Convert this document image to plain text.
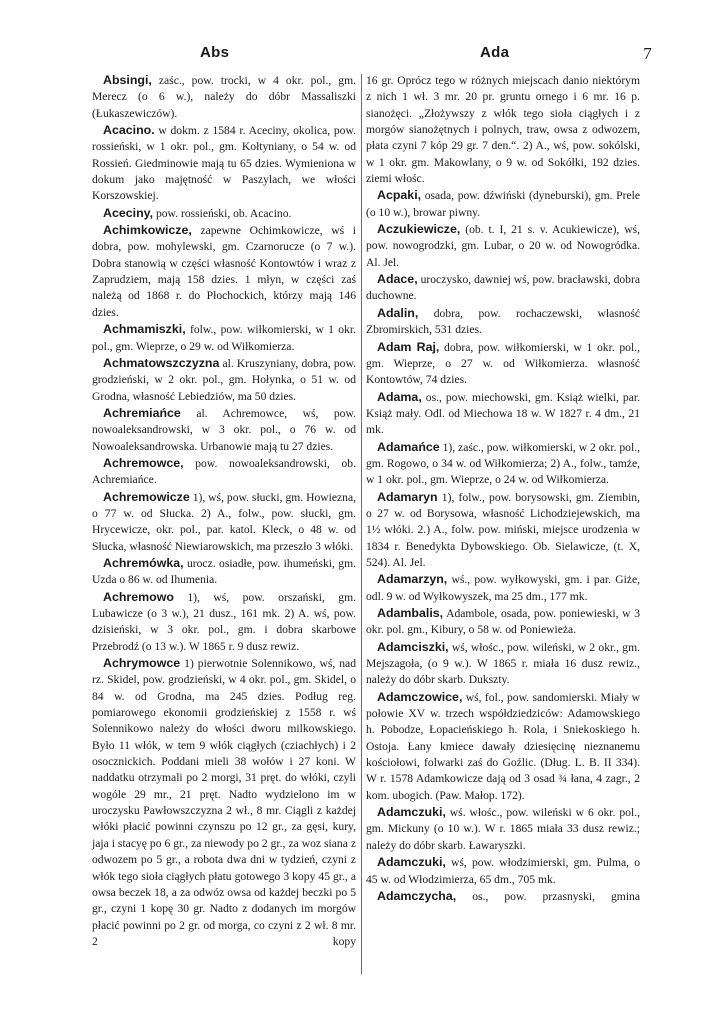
Abs	Ada	7

Absingi, zaśc., pow. trocki, w 4 okr. pol., gm. Merecz (o 6 w.), należy do dóbr Massaliszki (Łukaszewiczów).

Acacino. w dokm. z 1584 r. Aceciny, okolica, pow. rossieński, w 1 okr. pol., gm. Kołtyniany, o 54 w. od Rossień. Giedminowie mają tu 65 dzies. Wymieniona w dokum jako majętność w Paszylach, we włości Korszowskiej.

Aceciny, pow. rossieński, ob. Acacino.

Achimkowicze, zapewne Ochimkowicze, wś i dobra, pow. mohylewski, gm. Czarnorucze (o 7 w.). Dobra stanowią w części własność Kontowtów i wraz z Zaprudziem, mają 158 dzies. 1 młyn, w części zaś należą od 1868 r. do Płochockich, którzy mają 146 dzies.

Achmamiszki, folw., pow. wiłkomierski, w 1 okr. pol., gm. Wieprze, o 29 w. od Wiłkomierza.

Achmatowszczyzna al. Kruszyniany, dobra, pow. grodzieński, w 2 okr. pol., gm. Hołynka, o 51 w. od Grodna, własność Lebiedziów, ma 50 dzies.

Achremiańce al. Achremowce, wś, pow. nowoaleksandrowski, w 3 okr. pol., o 76 w. od Nowoaleksandrowska. Urbanowie mają tu 27 dzies.

Achremowce, pow. nowoaleksandrowski, ob. Achremiańce.

Achremowicze 1), wś, pow. słucki, gm. Howiezna, o 77 w. od Słucka. 2) A., folw., pow. słucki, gm. Hrycewicze, okr. pol., par. katol. Kleck, o 48 w. od Słucka, własność Niewiarowskich, ma przeszło 3 włóki.

Achremówka, urocz. osiadłe, pow. ihumeński, gm. Uzda o 86 w. od Ihumenia.

Achremowo 1), wś, pow. orszański, gm. Lubawicze (o 3 w.), 21 dusz., 161 mk. 2) A. wś, pow. dzisieński, w 3 okr. pol., gm. i dobra skarbowe Przebrodź (o 13 w.). W 1865 r. 9 dusz rewiz.

Achrymowce 1) pierwotnie Solennikowo, wś, nad rz. Skidel, pow. grodzieński, w 4 okr. pol., gm. Skidel, o 84 w. od Grodna, ma 245 dzies. Podług reg. pomiarowego ekonomii grodzieńskiej z 1558 r. wś Solennikowo należy do włości dworu milkowskiego. Było 11 włók, w tem 9 włók ciągłych (cziachłych) i 2 osocznickich. Poddani mieli 38 wołów i 27 koni. W naddatku otrzymali po 2 morgi, 31 pręt. do włóki, czyli wogóle 29 mr., 21 pręt. Nadto wydzielono im w uroczysku Pawłowszczyzna 2 wł., 8 mr. Ciągli z każdej włóki płacić powinni czynszu po 12 gr., za gęsi, kury, jaja i stacyę po 6 gr., za niewody po 2 gr., za woz siana z odwozem po 5 gr., a robota dwa dni w tydzień, czyni z włók tego sioła ciągłych płatu gotowego 3 kopy 45 gr., a owsa beczek 18, a za odwóz owsa od każdej beczki po 5 gr., czyni 1 kopę 30 gr. Nadto z dodanych im morgów płacić powinni po 2 gr. od morga, co czyni z 2 wł. 8 mr. 2 kopy

16 gr. Oprócz tego w różnych miejscach danio niektórym z nich 1 wł. 3 mr. 20 pr. gruntu ornego i 6 mr. 16 p. sianożęci. „Złożywszy z włók tego sioła ciągłych i z morgów sianożętnych i polnych, traw, owsa z odwozem, płata czyni 7 kóp 29 gr. 7 den.“. 2) A., wś, pow. sokólski, w 1 okr. gm. Makowlany, o 9 w. od Sokółki, 192 dzies. ziemi włośc.

Acpaki, osada, pow. dźwiński (dyneburski), gm. Prele (o 10 w.), browar piwny.

Aczukiewicze, (ob. t. I, 21 s. v. Acukiewicze), wś, pow. nowogrodzki, gm. Lubar, o 20 w. od Nowogródka. Al. Jel.

Adace, uroczysko, dawniej wś, pow. bracławski, dobra duchowne.

Adalin, dobra, pow. rochaczewski, własność Zbromirskich, 531 dzies.

Adam Raj, dobra, pow. wiłkomierski, w 1 okr. pol., gm. Wieprze, o 27 w. od Wiłkomierza. własność Kontowtów, 74 dzies.

Adama, os., pow. miechowski, gm. Książ wielki, par. Książ mały. Odl. od Miechowa 18 w. W 1827 r. 4 dm., 21 mk.

Adamańce 1), zaśc., pow. wiłkomierski, w 2 okr. pol., gm. Rogowo, o 34 w. od Wiłkomierza; 2) A., folw., tamże, w 1 okr. pol., gm. Wieprze, o 24 w. od Wiłkomierza.

Adamaryn 1), folw., pow. borysowski, gm. Ziembin, o 27 w. od Borysowa, własność Lichodziejewskich, ma 1½ włóki. 2.) A., folw. pow. miński, miejsce urodzenia w 1834 r. Benedykta Dybowskiego. Ob. Sielawicze, (t. X, 524). Al. Jel.

Adamarzyn, wś., pow. wyłkowyski, gm. i par. Giże, odl. 9 w. od Wyłkowyszek, ma 25 dm., 177 mk.

Adambalis, Adambole, osada, pow. poniewieski, w 3 okr. pol. gm., Kibury, o 58 w. od Poniewieża.

Adamciszki, wś, włośc., pow. wileński, w 2 okr., gm. Mejszagoła, (o 9 w.). W 1865 r. miała 16 dusz rewiz., należy do dóbr skarb. Dukszty.

Adamczowice, wś, fol., pow. sandomierski. Miały w połowie XV w. trzech współdziedziców: Adamowskiego h. Pobodze, Łopacieńskiego h. Rola, i Sniekoskiego h. Ostoja. Łany kmiece dawały dziesięcinę nieznanemu kościołowi, folwarki zaś do Goźlic. (Dług. L. B. II 334). W r. 1578 Adamkowicze dają od 3 osad ¾ łana, 4 zagr., 2 kom. ubogich. (Paw. Małop. 172).

Adamczuki, wś. włośc., pow. wileński w 6 okr. pol., gm. Mickuny (o 10 w.). W r. 1865 miała 33 dusz rewiz.; należy do dóbr skarb. Ławaryszki.

Adamczuki, wś, pow. włodzimierski, gm. Pulma, o 45 w. od Włodzimierza, 65 dm., 705 mk.

Adamczycha, os., pow. przasnyski, gmina
